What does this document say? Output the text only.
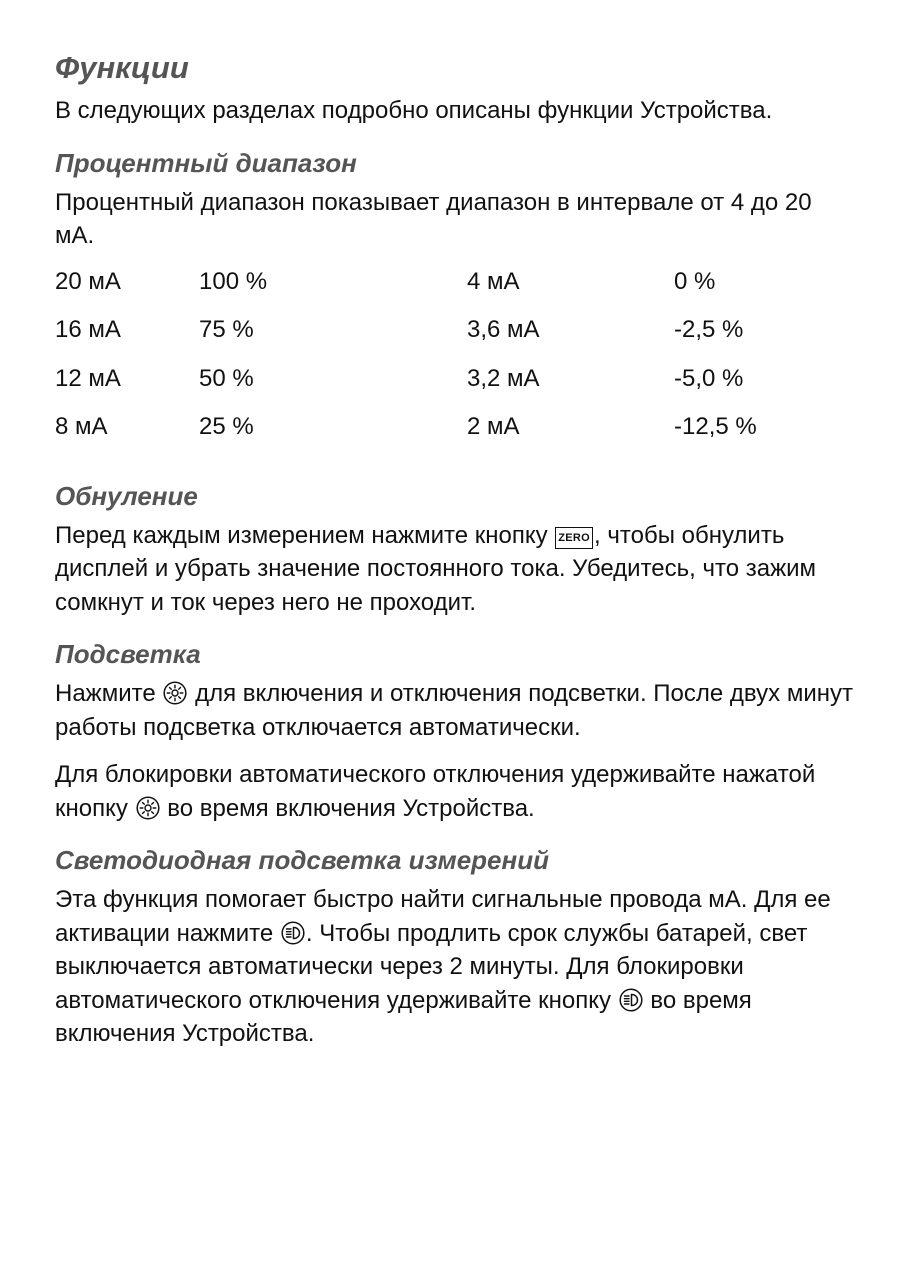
Функции

В следующих разделах подробно описаны функции Устройства.

Процентный диапазон

Процентный диапазон показывает диапазон в интервале от 4 до 20 мА.

20 мА	100 %	4 мА	0 %
16 мА	75 %	3,6 мА	-2,5 %
12 мА	50 %	3,2 мА	-5,0 %
8 мА	25 %	2 мА	-12,5 %
Обнуление

Перед каждым измерением нажмите кнопку ZERO , чтобы обнулить дисплей и убрать значение постоянного тока. Убедитесь, что зажим сомкнут и ток через него не проходит.

Подсветка

Нажмите для включения и отключения подсветки. После двух минут работы подсветка отключается автоматически.

Для блокировки автоматического отключения удерживайте нажатой кнопку во время включения Устройства.

Светодиодная подсветка измерений

Эта функция помогает быстро найти сигнальные провода мА. Для ее активации нажмите . Чтобы продлить срок службы батарей, свет выключается автоматически через 2 минуты. Для блокировки автоматического отключения удерживайте кнопку во время включения Устройства.
